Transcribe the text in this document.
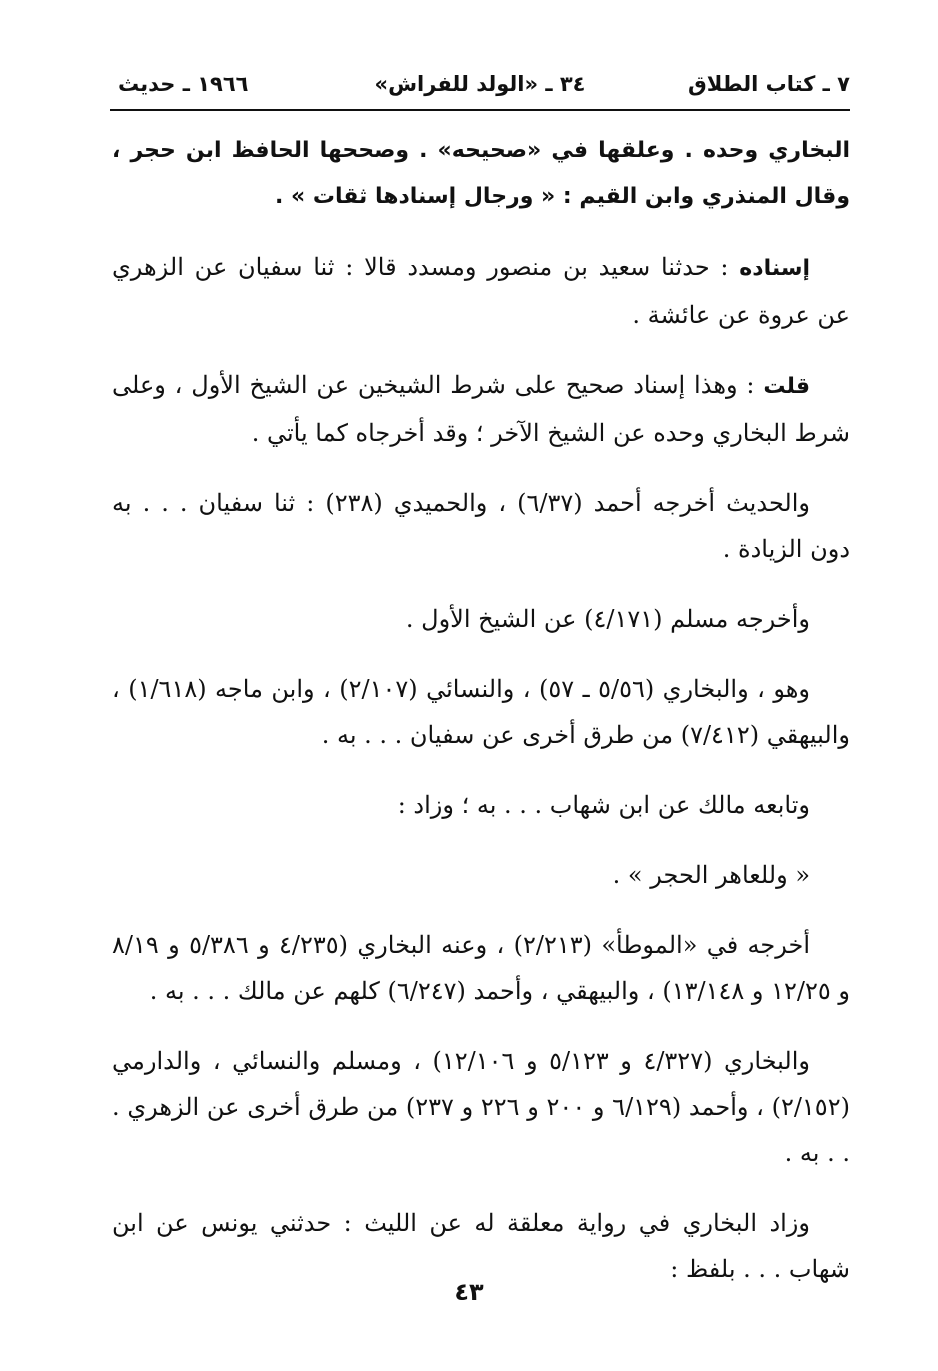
٧ ـ كتاب الطلاق
٣٤ ـ «الولد للفراش»
١٩٦٦ ـ حديث

البخاري وحده . وعلقها في «صحيحه» . وصححها الحافظ ابن حجر ، وقال المنذري وابن القيم : « ورجال إسنادها ثقات » .

إسناده : حدثنا سعيد بن منصور ومسدد قالا : ثنا سفيان عن الزهري عن عروة عن عائشة .

قلت : وهذا إسناد صحيح على شرط الشيخين عن الشيخ الأول ، وعلى شرط البخاري وحده عن الشيخ الآخر ؛ وقد أخرجاه كما يأتي .

والحديث أخرجه أحمد (٦/٣٧) ، والحميدي (٢٣٨) : ثنا سفيان . . . به دون الزيادة .

وأخرجه مسلم (٤/١٧١) عن الشيخ الأول .

وهو ، والبخاري (٥/٥٦ ـ ٥٧) ، والنسائي (٢/١٠٧) ، وابن ماجه (١/٦١٨) ، والبيهقي (٧/٤١٢) من طرق أخرى عن سفيان . . . به .

وتابعه مالك عن ابن شهاب . . . به ؛ وزاد :

« وللعاهر الحجر » .

أخرجه في «الموطأ» (٢/٢١٣) ، وعنه البخاري (٤/٢٣٥ و ٥/٣٨٦ و ٨/١٩ و ١٢/٢٥ و ١٣/١٤٨) ، والبيهقي ، وأحمد (٦/٢٤٧) كلهم عن مالك . . . به .

والبخاري (٤/٣٢٧ و ٥/١٢٣ و ١٢/١٠٦) ، ومسلم والنسائي ، والدارمي (٢/١٥٢) ، وأحمد (٦/١٢٩ و ٢٠٠ و ٢٢٦ و ٢٣٧) من طرق أخرى عن الزهري . . . به .

وزاد البخاري في رواية معلقة له عن الليث : حدثني يونس عن ابن شهاب . . . بلفظ :

٤٣
